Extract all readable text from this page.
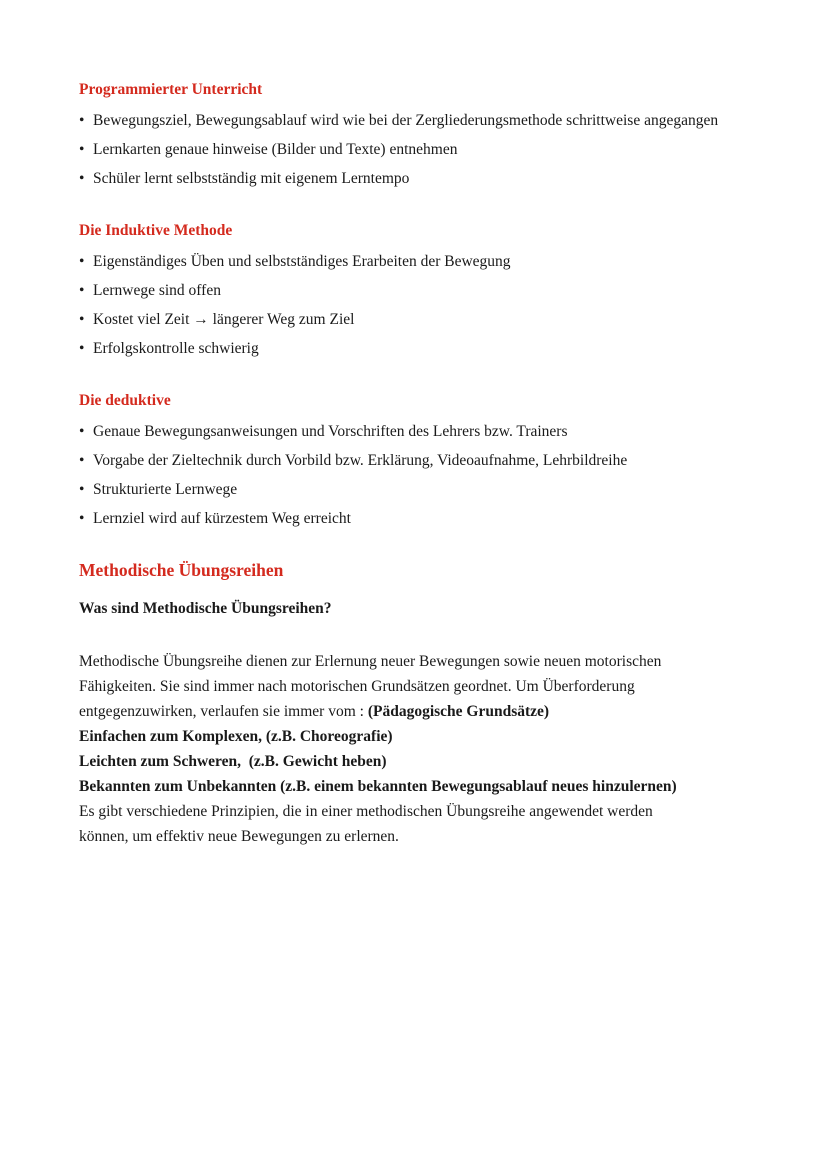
Programmierter Unterricht
• Bewegungsziel, Bewegungsablauf wird wie bei der Zergliederungsmethode schrittweise angegangen
• Lernkarten genaue hinweise (Bilder und Texte) entnehmen
• Schüler lernt selbstständig mit eigenem Lerntempo
Die Induktive Methode
• Eigenständiges Üben und selbstständiges Erarbeiten der Bewegung
• Lernwege sind offen
• Kostet viel Zeit → längerer Weg zum Ziel
• Erfolgskontrolle schwierig
Die deduktive
• Genaue Bewegungsanweisungen und Vorschriften des Lehrers bzw. Trainers
• Vorgabe der Zieltechnik durch Vorbild bzw. Erklärung, Videoaufnahme, Lehrbildreihe
• Strukturierte Lernwege
• Lernziel wird auf kürzestem Weg erreicht
Methodische Übungsreihen
Was sind Methodische Übungsreihen?

Methodische Übungsreihe dienen zur Erlernung neuer Bewegungen sowie neuen motorischen

Fähigkeiten. Sie sind immer nach motorischen Grundsätzen geordnet. Um Überforderung

entgegenzuwirken, verlaufen sie immer vom : (Pädagogische Grundsätze)

Einfachen zum Komplexen, (z.B. Choreografie)

Leichten zum Schweren,  (z.B. Gewicht heben)

Bekannten zum Unbekannten (z.B. einem bekannten Bewegungsablauf neues hinzulernen)

Es gibt verschiedene Prinzipien, die in einer methodischen Übungsreihe angewendet werden

können, um effektiv neue Bewegungen zu erlernen.
